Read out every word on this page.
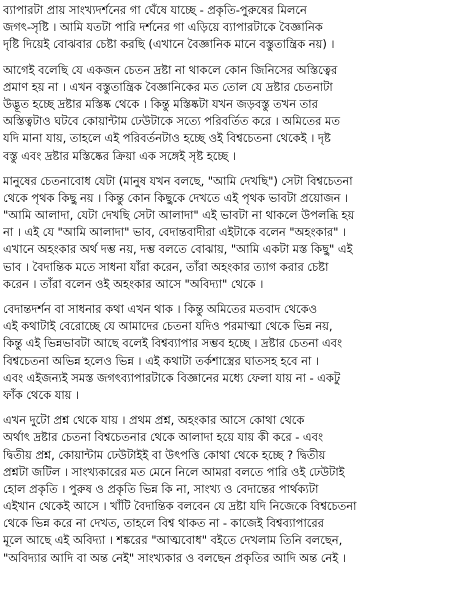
ব্যাপারটা প্রায় সাংখ্যদর্শনের গা ঘেঁষে যাচ্ছে - প্রকৃতি-পুরুষের মিলনে
জগৎ-সৃষ্টি । আমি যতটা পারি দর্শনের গা এড়িয়ে ব্যাপারটাকে বৈজ্ঞানিক
দৃষ্টি দিয়েই বোঝবার চেষ্টা করছি (এখানে বৈজ্ঞানিক মানে বস্তুতান্ত্রিক নয়) ।
আগেই বলেছি যে একজন চেতন দ্রষ্টা না থাকলে কোন জিনিসের অস্তিত্বের
প্রমাণ হয় না । এখন বস্তুতান্ত্রিক বৈজ্ঞানিকের মত তোল যে দ্রষ্টার চেতনাটা
উদ্ভূত হচ্ছে দ্রষ্টার মস্তিষ্ক থেকে । কিন্তু মস্তিষ্কটা যখন জড়বস্তু তখন তার
অস্তিত্বটাও ঘটবে কোয়ান্টাম ঢেউটাকে সত্যে পরিবর্তিত করে । অমিতের মত
যদি মানা যায়, তাহলে এই পরিবর্তনটাও হচ্ছে ওই বিশ্বচেতনা থেকেই । দৃষ্ট
বস্তু এবং দ্রষ্টার মস্তিষ্কের ক্রিয়া এক সঙ্গেই সৃষ্ট হচ্ছে ।
মানুষের চেতনাবোধ যেটা (মানুষ যখন বলছে, "আমি দেখছি") সেটা বিশ্বচেতনা
থেকে পৃথক কিছু নয় । কিন্তু কোন কিছুকে দেখতে এই পৃথক ভাবটা প্রয়োজন ।
"আমি আলাদা, যেটা দেখছি সেটা আলাদা" এই ভাবটা না থাকলে উপলব্ধি হয়
না । এই যে "আমি আলাদা" ভাব, বেদান্তবাদীরা এইটাকে বলেন "অহংকার" ।
এখানে অহংকার অর্থ দম্ভ নয়, দম্ভ বলতে বোঝায়, "আমি একটা মস্ত কিছু" এই
ভাব । বৈদান্তিক মতে সাধনা যাঁরা করেন, তাঁরা অহংকার ত্যাগ করার চেষ্টা
করেন । তাঁরা বলেন ওই অহংকার আসে "অবিদ্যা" থেকে ।
বেদান্তদর্শন বা সাধনার কথা এখন থাক । কিন্তু অমিতের মতবাদ থেকেও
এই কথাটাই বেরোচ্ছে যে আমাদের চেতনা যদিও পরমাত্মা থেকে ভিন্ন নয়,
কিন্তু এই ভিন্নভাবটা আছে বলেই বিশ্বব্যাপার সম্ভব হচ্ছে । দ্রষ্টার চেতনা এবং
বিশ্বচেতনা অভিন্ন হলেও ভিন্ন । এই কথাটা তর্কশাস্ত্রের ঘাতসহ হবে না ।
এবং এইজন্যই সমস্ত জগৎব্যাপারটাকে বিজ্ঞানের মধ্যে ফেলা যায় না - একটু
ফাঁক থেকে যায় ।
এখন দুটো প্রশ্ন থেকে যায় । প্রথম প্রশ্ন, অহংকার আসে কোথা থেকে
অর্থাৎ দ্রষ্টার চেতনা বিশ্বচেতনার থেকে আলাদা হয়ে যায় কী করে - এবং
দ্বিতীয় প্রশ্ন, কোয়ান্টাম ঢেউটাইই বা উৎপত্তি কোথা থেকে হচ্ছে ? দ্বিতীয়
প্রশ্নটা জটিল । সাংখ্যকারের মত মেনে নিলে আমরা বলতে পারি ওই ঢেউটাই
হোল প্রকৃতি । পুরুষ ও প্রকৃতি ভিন্ন কি না, সাংখ্য ও বেদান্তের পার্থক্যটা
এইখান থেকেই আসে । খাঁটি বৈদান্তিক বলবেন যে দ্রষ্টা যদি নিজেকে বিশ্বচেতনা
থেকে ভিন্ন করে না দেখত, তাহলে বিশ্ব থাকত না - কাজেই বিশ্বব্যাপারের
মূলে আছে এই অবিদ্যা । শঙ্করের "আত্মবোধ" বইতে দেখলাম তিনি বলছেন,
"অবিদ্যার আদি বা অন্ত নেই" সাংখ্যকার ও বলছেন প্রকৃতির আদি অন্ত নেই ।
